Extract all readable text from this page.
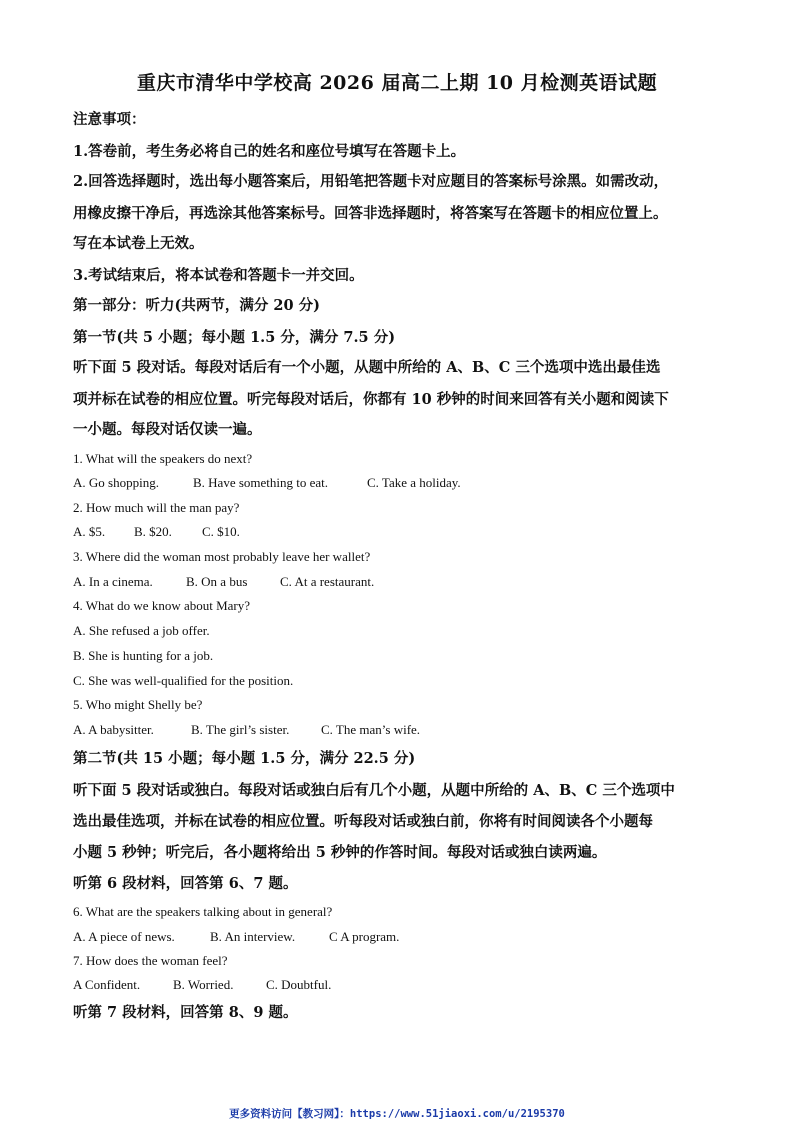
重庆市清华中学校高 2026 届高二上期 10 月检测英语试题
注意事项：
1.答卷前，考生务必将自己的姓名和座位号填写在答题卡上。
2.回答选择题时，选出每小题答案后，用铅笔把答题卡对应题目的答案标号涂黑。如需改动，
用橡皮擦干净后，再选涂其他答案标号。回答非选择题时，将答案写在答题卡的相应位置上。
写在本试卷上无效。
3.考试结束后，将本试卷和答题卡一并交回。
第一部分：听力(共两节，满分 20 分)
第一节(共 5 小题；每小题 1.5 分，满分 7.5 分)
听下面 5 段对话。每段对话后有一个小题，从题中所给的 A、B、C 三个选项中选出最佳选
项并标在试卷的相应位置。听完每段对话后，你都有 10 秒钟的时间来回答有关小题和阅读下
一小题。每段对话仅读一遍。
1. What will the speakers do next?
A. Go shopping.	B. Have something to eat.	C. Take a holiday.
2. How much will the man pay?
A. $5. B. $20. C. $10.
3. Where did the woman most probably leave her wallet?
A. In a cinema.	B. On a bus	C. At a restaurant.
4. What do we know about Mary?
A. She refused a job offer.
B. She is hunting for a job.
C. She was well-qualified for the position.
5. Who might Shelly be?
A. A babysitter.	B. The girl’s sister. C. The man’s wife.
第二节(共 15 小题；每小题 1.5 分，满分 22.5 分)
听下面 5 段对话或独白。每段对话或独白后有几个小题，从题中所给的 A、B、C 三个选项中
选出最佳选项，并标在试卷的相应位置。听每段对话或独白前，你将有时间阅读各个小题每
小题 5 秒钟；听完后，各小题将给出 5 秒钟的作答时间。每段对话或独白读两遍。
听第 6 段材料，回答第 6、7 题。
6. What are the speakers talking about in general?
A. A piece of news.	B. An interview.	C A program.
7. How does the woman feel?
A Confident.	B. Worried.	C. Doubtful.
听第 7 段材料，回答第 8、9 题。
更多资料访问【教习网】：https://www.51jiaoxi.com/u/2195370
